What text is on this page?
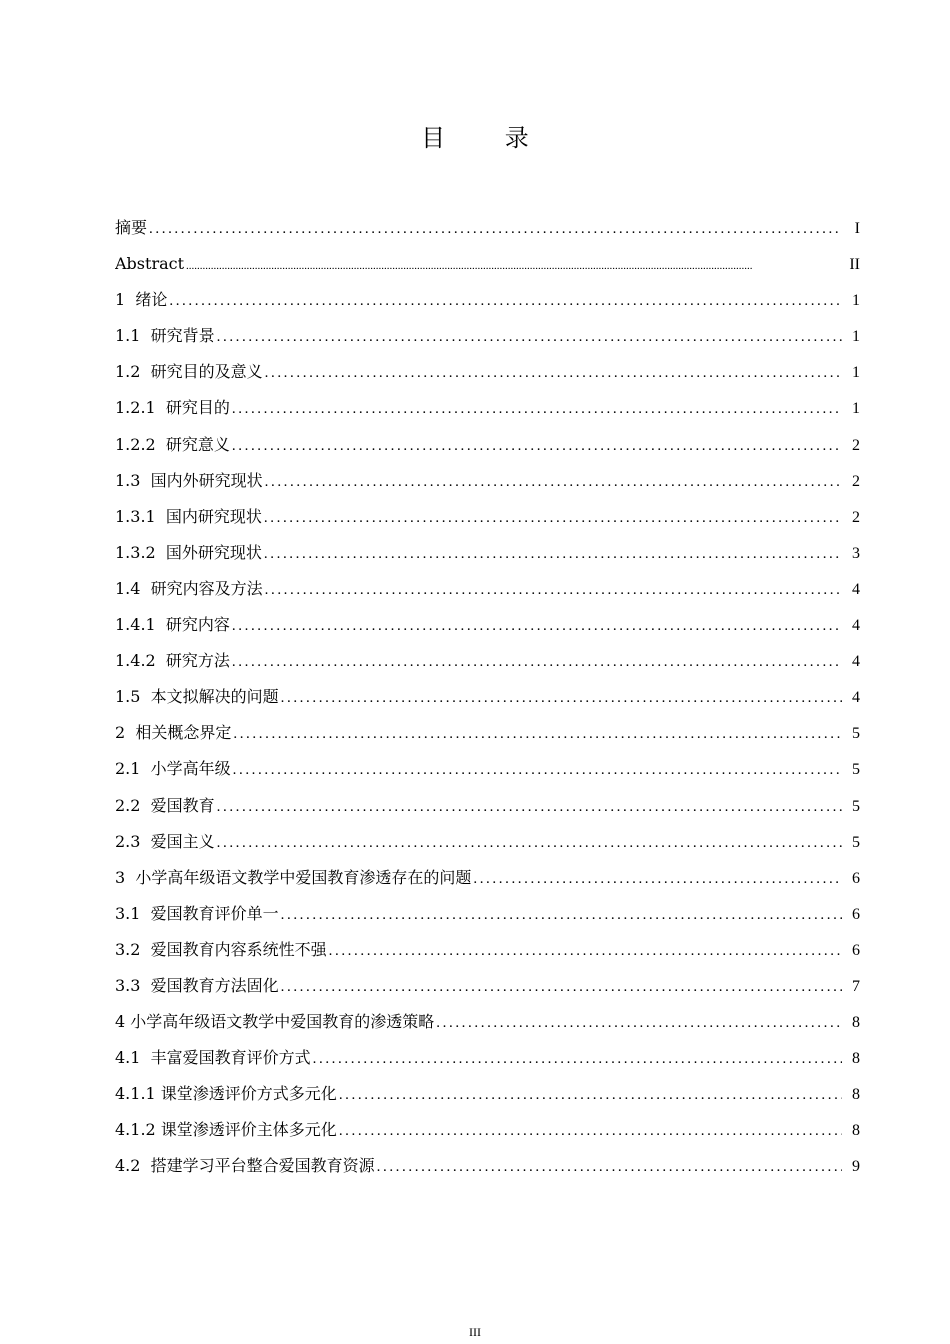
目 录
摘要 .....	I
Abstract .....	II
1  绪论 .....	1
1.1  研究背景 .....	1
1.2  研究目的及意义 .....	1
1.2.1  研究目的 .....	1
1.2.2  研究意义 .....	2
1.3  国内外研究现状 .....	2
1.3.1  国内研究现状 .....	2
1.3.2  国外研究现状 .....	3
1.4  研究内容及方法 .....	4
1.4.1  研究内容 .....	4
1.4.2  研究方法 .....	4
1.5  本文拟解决的问题 .....	4
2  相关概念界定 .....	5
2.1  小学高年级 .....	5
2.2  爱国教育 .....	5
2.3  爱国主义 .....	5
3  小学高年级语文教学中爱国教育渗透存在的问题 .....	6
3.1  爱国教育评价单一 .....	6
3.2  爱国教育内容系统性不强 .....	6
3.3  爱国教育方法固化 .....	7
4 小学高年级语文教学中爱国教育的渗透策略 .....	8
4.1  丰富爱国教育评价方式 .....	8
4.1.1 课堂渗透评价方式多元化 .....	8
4.1.2 课堂渗透评价主体多元化 .....	8
4.2  搭建学习平台整合爱国教育资源 .....	9
III
